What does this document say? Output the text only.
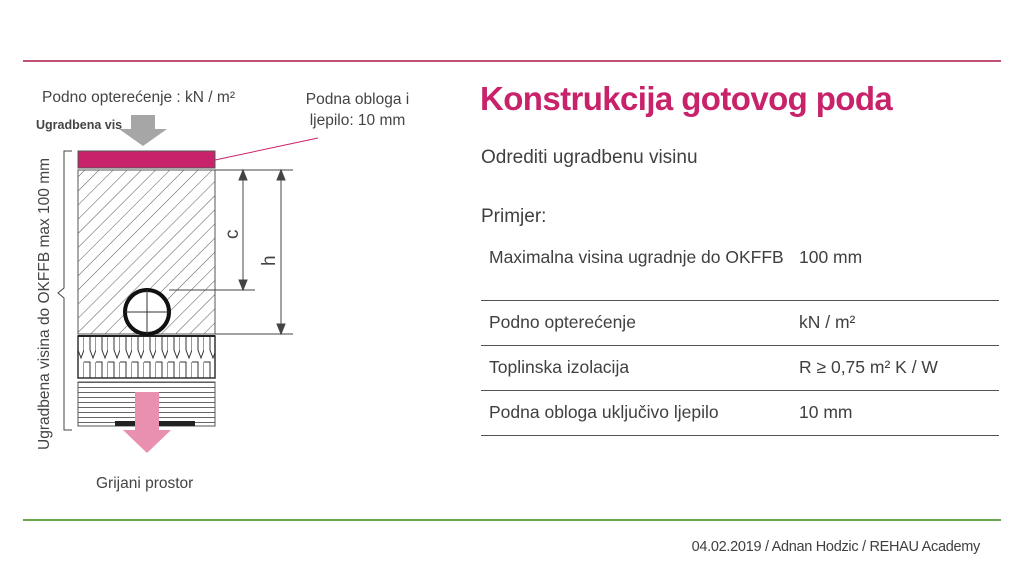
c
h
Podno opterećenje : kN / m²	Podna obloga i ljepilo: 10 mm
Ugradbena vis
Ugradbena visina do OKFFB max 100 mm
Grijani prostor
Konstrukcija gotovog poda
Odrediti ugradbenu visinu
Primjer:
Maximalna visina ugradnje do OKFFB	100 mm
Podno opterećenje	kN / m²
Toplinska izolacija	R ≥ 0,75 m² K / W
Podna obloga uključivo ljepilo	10 mm
04.02.2019 / Adnan Hodzic / REHAU Academy
